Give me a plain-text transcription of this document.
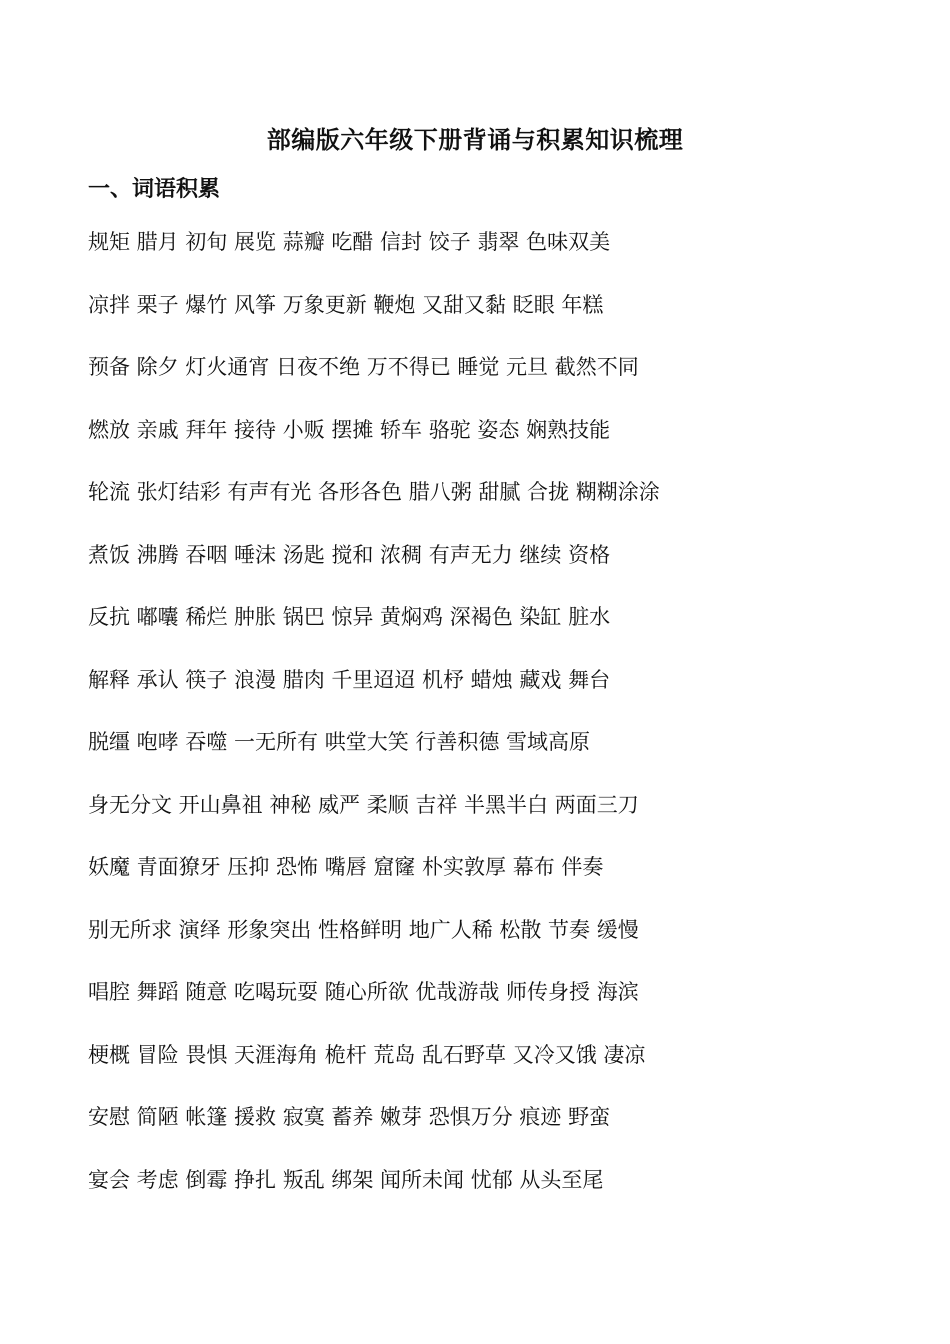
部编版六年级下册背诵与积累知识梳理
一、词语积累
规矩 腊月 初旬 展览 蒜瓣 吃醋 信封 饺子 翡翠 色味双美
凉拌 栗子 爆竹 风筝 万象更新 鞭炮 又甜又黏 眨眼 年糕
预备 除夕 灯火通宵 日夜不绝 万不得已 睡觉 元旦 截然不同
燃放 亲戚 拜年 接待 小贩 摆摊 轿车 骆驼 姿态 娴熟技能
轮流 张灯结彩 有声有光 各形各色 腊八粥 甜腻 合拢 糊糊涂涂
煮饭 沸腾 吞咽 唾沫 汤匙 搅和 浓稠 有声无力 继续 资格
反抗 嘟囔 稀烂 肿胀 锅巴 惊异 黄焖鸡 深褐色 染缸 脏水
解释 承认 筷子 浪漫 腊肉 千里迢迢 机杼 蜡烛 藏戏 舞台
脱缰 咆哮 吞噬 一无所有 哄堂大笑 行善积德 雪域高原
身无分文 开山鼻祖 神秘 威严 柔顺 吉祥 半黑半白 两面三刀
妖魔 青面獠牙 压抑 恐怖 嘴唇 窟窿 朴实敦厚 幕布 伴奏
别无所求 演绎 形象突出 性格鲜明 地广人稀 松散 节奏 缓慢
唱腔 舞蹈 随意 吃喝玩耍 随心所欲 优哉游哉 师传身授 海滨
梗概 冒险 畏惧 天涯海角 桅杆 荒岛 乱石野草 又冷又饿 凄凉
安慰 简陋 帐篷 援救 寂寞 蓄养 嫩芽 恐惧万分 痕迹 野蛮
宴会 考虑 倒霉 挣扎 叛乱 绑架 闻所未闻 忧郁 从头至尾
